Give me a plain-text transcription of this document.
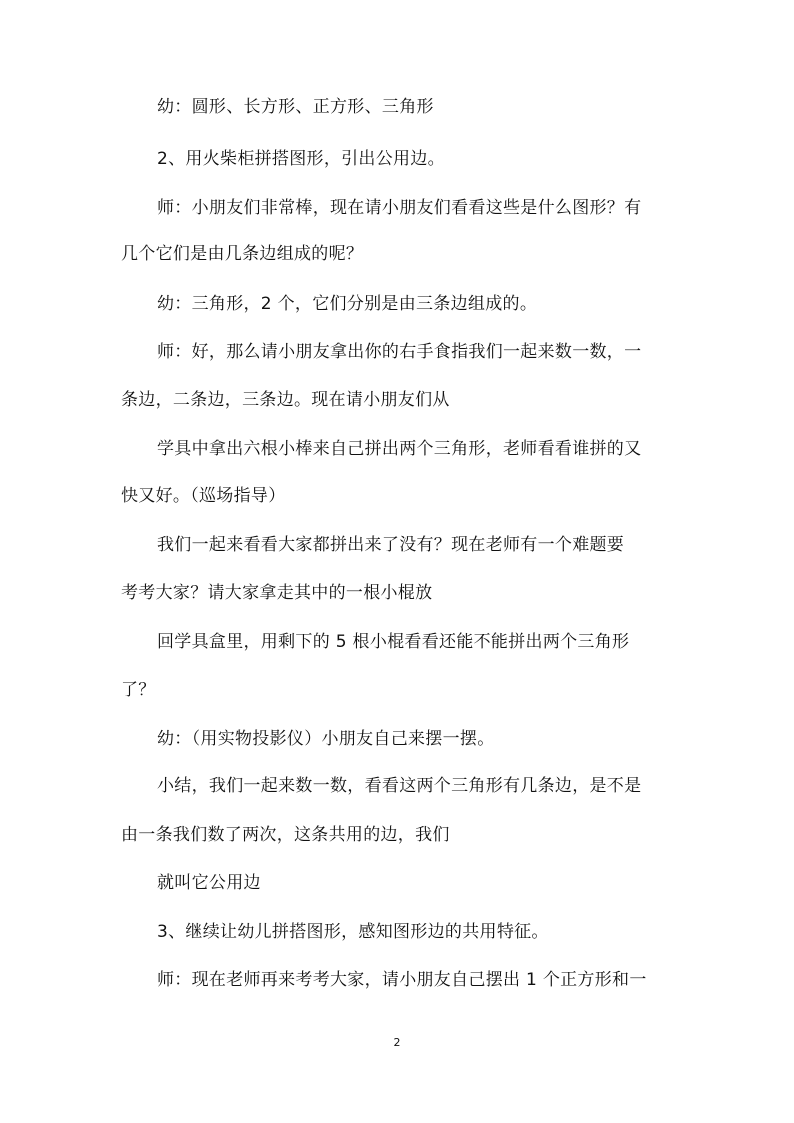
幼：圆形、长方形、正方形、三角形
2、用火柴柜拼搭图形，引出公用边。
师：小朋友们非常棒，现在请小朋友们看看这些是什么图形？有
几个它们是由几条边组成的呢？
幼：三角形，2 个，它们分别是由三条边组成的。
师：好，那么请小朋友拿出你的右手食指我们一起来数一数，一
条边，二条边，三条边。现在请小朋友们从
学具中拿出六根小棒来自己拼出两个三角形，老师看看谁拼的又
快又好。（巡场指导）
我们一起来看看大家都拼出来了没有？现在老师有一个难题要
考考大家？请大家拿走其中的一根小棍放
回学具盒里，用剩下的 5 根小棍看看还能不能拼出两个三角形
了？
幼：（用实物投影仪）小朋友自己来摆一摆。
小结，我们一起来数一数，看看这两个三角形有几条边，是不是
由一条我们数了两次，这条共用的边，我们
就叫它公用边
3、继续让幼儿拼搭图形，感知图形边的共用特征。
师：现在老师再来考考大家，请小朋友自己摆出 1 个正方形和一
2
